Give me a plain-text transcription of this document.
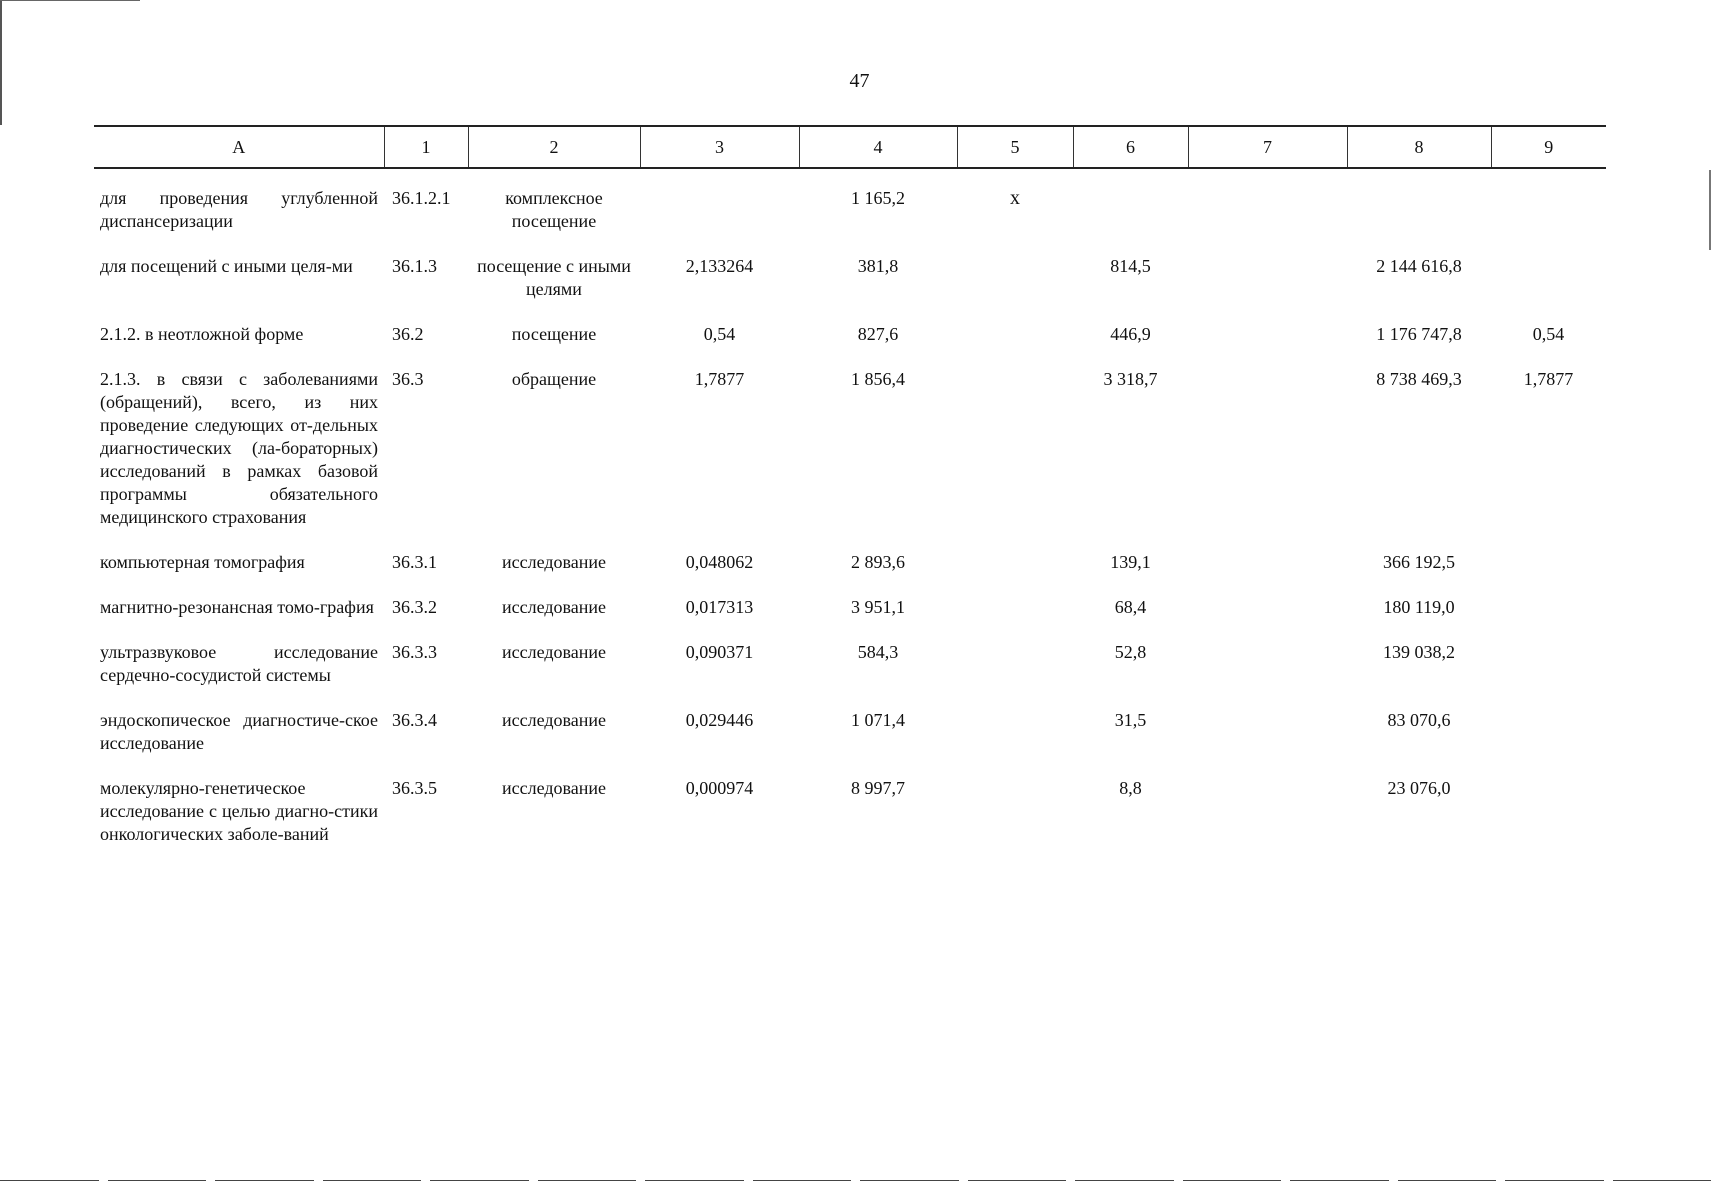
47
А	1	2	3	4	5	6	7	8	9
для проведения углубленной диспансеризации	36.1.2.1	комплексное посещение		1 165,2	х				
для посещений с иными целя-ми	36.1.3	посещение с иными целями	2,133264	381,8		814,5		2 144 616,8	
2.1.2. в неотложной форме	36.2	посещение	0,54	827,6		446,9		1 176 747,8	0,54
2.1.3. в связи с заболеваниями (обращений), всего, из них проведение следующих от-дельных диагностических (ла-бораторных) исследований в рамках базовой программы обязательного медицинского страхования	36.3	обращение	1,7877	1 856,4		3 318,7		8 738 469,3	1,7877
компьютерная томография	36.3.1	исследование	0,048062	2 893,6		139,1		366 192,5	
магнитно-резонансная томо-графия	36.3.2	исследование	0,017313	3 951,1		68,4		180 119,0	
ультразвуковое исследование сердечно-сосудистой системы	36.3.3	исследование	0,090371	584,3		52,8		139 038,2	
эндоскопическое диагностиче-ское исследование	36.3.4	исследование	0,029446	1 071,4		31,5		83 070,6	
молекулярно-генетическое исследование с целью диагно-стики онкологических заболе-ваний	36.3.5	исследование	0,000974	8 997,7		8,8		23 076,0	
